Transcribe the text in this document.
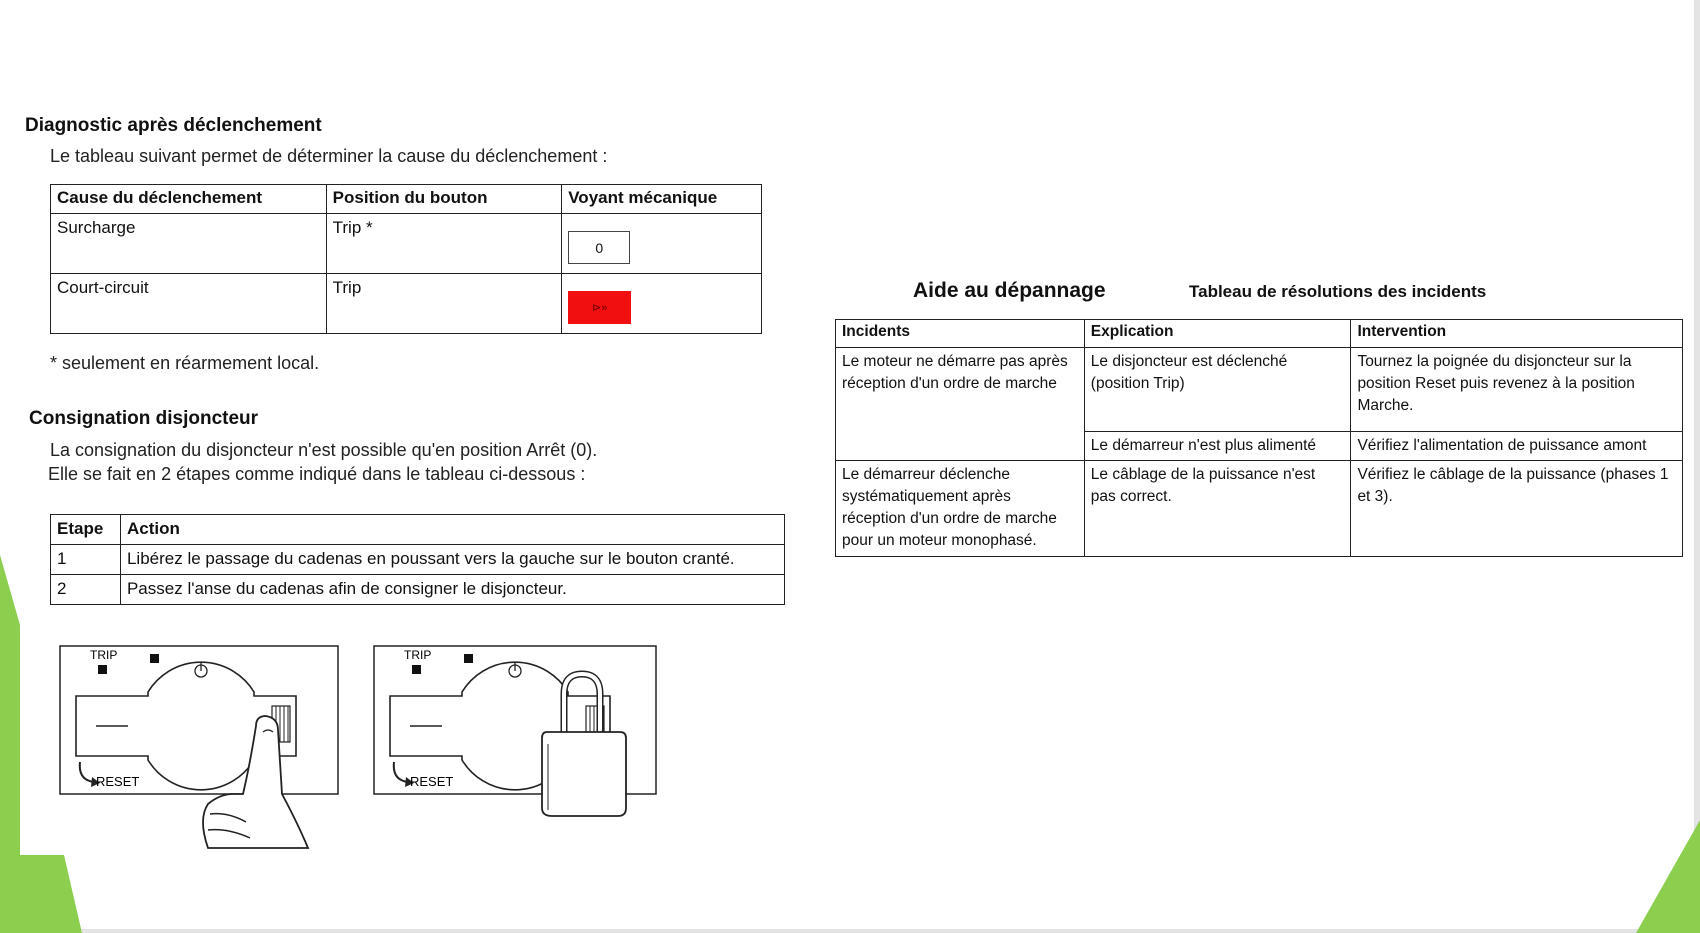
Diagnostic après déclenchement
Le tableau suivant permet de déterminer la cause du déclenchement :
Cause du déclenchement	Position du bouton	Voyant mécanique
Surcharge	Trip *	0

Court-circuit	Trip	⊳»
* seulement en réarmement local.
Consignation disjoncteur
La consignation du disjoncteur n'est possible qu'en position Arrêt (0).
Elle se fait en 2 étapes comme indiqué dans le tableau ci-dessous :
Etape	Action
1	Libérez le passage du cadenas en poussant vers la gauche sur le bouton cranté.
2	Passez l'anse du cadenas afin de consigner le disjoncteur.
TRIP
RESET
TRIP
RESET
Aide au dépannage	Tableau de résolutions des incidents
Incidents	Explication	Intervention
Le moteur ne démarre pas après réception d'un ordre de marche	Le disjoncteur est déclenché (position Trip)	Tournez la poignée du disjoncteur sur la position Reset puis revenez à la position Marche.
	Le démarreur n'est plus alimenté	Vérifiez l'alimentation de puissance amont
Le démarreur déclenche systématiquement après réception d'un ordre de marche pour un moteur monophasé.	Le câblage de la puissance n'est pas correct.	Vérifiez le câblage de la puissance (phases 1 et 3).
